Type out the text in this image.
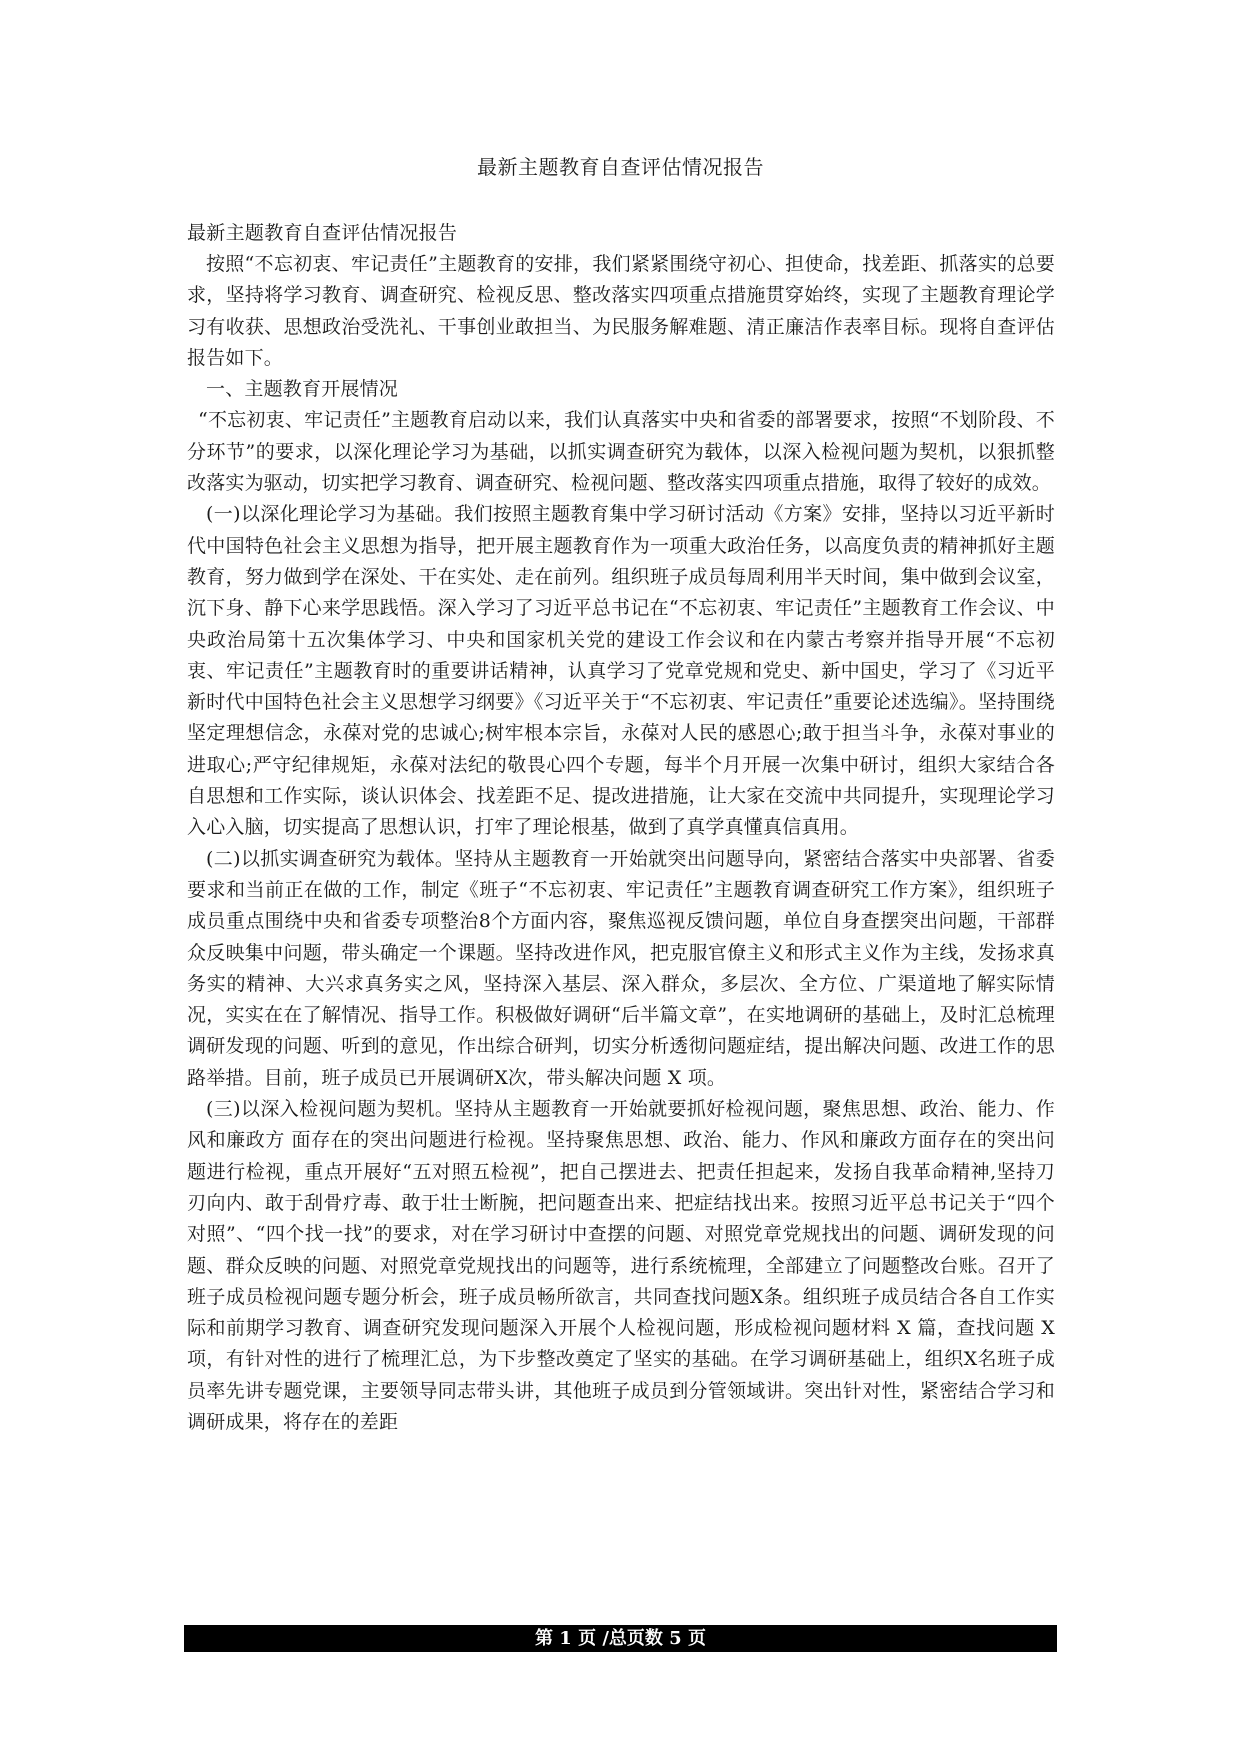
最新主题教育自查评估情况报告

最新主题教育自查评估情况报告

按照“不忘初衷、牢记责任”主题教育的安排，我们紧紧围绕守初心、担使命，找差距、抓落实的总要求，坚持将学习教育、调查研究、检视反思、整改落实四项重点措施贯穿始终，实现了主题教育理论学习有收获、思想政治受洗礼、干事创业敢担当、为民服务解难题、清正廉洁作表率目标。现将自查评估报告如下。

一、主题教育开展情况

“不忘初衷、牢记责任”主题教育启动以来，我们认真落实中央和省委的部署要求，按照“不划阶段、不分环节”的要求，以深化理论学习为基础，以抓实调查研究为载体，以深入检视问题为契机，以狠抓整改落实为驱动，切实把学习教育、调查研究、检视问题、整改落实四项重点措施，取得了较好的成效。

(一)以深化理论学习为基础。我们按照主题教育集中学习研讨活动《方案》安排，坚持以习近平新时代中国特色社会主义思想为指导，把开展主题教育作为一项重大政治任务，以高度负责的精神抓好主题教育，努力做到学在深处、干在实处、走在前列。组织班子成员每周利用半天时间，集中做到会议室，沉下身、静下心来学思践悟。深入学习了习近平总书记在“不忘初衷、牢记责任”主题教育工作会议、中央政治局第十五次集体学习、中央和国家机关党的建设工作会议和在内蒙古考察并指导开展“不忘初衷、牢记责任”主题教育时的重要讲话精神，认真学习了党章党规和党史、新中国史，学习了《习近平新时代中国特色社会主义思想学习纲要》《习近平关于“不忘初衷、牢记责任”重要论述选编》。坚持围绕坚定理想信念，永葆对党的忠诚心;树牢根本宗旨，永葆对人民的感恩心;敢于担当斗争，永葆对事业的 进取心;严守纪律规矩，永葆对法纪的敬畏心四个专题，每半个月开展一次集中研讨，组织大家结合各自思想和工作实际，谈认识体会、找差距不足、提改进措施，让大家在交流中共同提升，实现理论学习入心入脑，切实提高了思想认识，打牢了理论根基，做到了真学真懂真信真用。

(二)以抓实调查研究为载体。坚持从主题教育一开始就突出问题导向，紧密结合落实中央部署、省委要求和当前正在做的工作，制定《班子“不忘初衷、牢记责任”主题教育调查研究工作方案》，组织班子成员重点围绕中央和省委专项整治8个方面内容，聚焦巡视反馈问题，单位自身查摆突出问题，干部群众反映集中问题，带头确定一个课题。坚持改进作风，把克服官僚主义和形式主义作为主线，发扬求真务实的精神、大兴求真务实之风，坚持深入基层、深入群众，多层次、全方位、广渠道地了解实际情况，实实在在了解情况、指导工作。积极做好调研“后半篇文章”，在实地调研的基础上，及时汇总梳理调研发现的问题、听到的意见，作出综合研判，切实分析透彻问题症结，提出解决问题、改进工作的思路举措。目前，班子成员已开展调研X次，带头解决问题 X 项。

(三)以深入检视问题为契机。坚持从主题教育一开始就要抓好检视问题，聚焦思想、政治、能力、作风和廉政方 面存在的突出问题进行检视。坚持聚焦思想、政治、能力、作风和廉政方面存在的突出问题进行检视，重点开展好“五对照五检视”，把自己摆进去、把责任担起来，发扬自我革命精神,坚持刀刃向内、敢于刮骨疗毒、敢于壮士断腕，把问题查出来、把症结找出来。按照习近平总书记关于“四个对照”、“四个找一找”的要求，对在学习研讨中查摆的问题、对照党章党规找出的问题、调研发现的问题、群众反映的问题、对照党章党规找出的问题等，进行系统梳理，全部建立了问题整改台账。召开了班子成员检视问题专题分析会，班子成员畅所欲言，共同查找问题X条。组织班子成员结合各自工作实际和前期学习教育、调查研究发现问题深入开展个人检视问题，形成检视问题材料 X 篇，查找问题 X 项，有针对性的进行了梳理汇总，为下步整改奠定了坚实的基础。在学习调研基础上，组织X名班子成员率先讲专题党课，主要领导同志带头讲，其他班子成员到分管领域讲。突出针对性，紧密结合学习和调研成果，将存在的差距

第 1 页 /总页数 5 页
